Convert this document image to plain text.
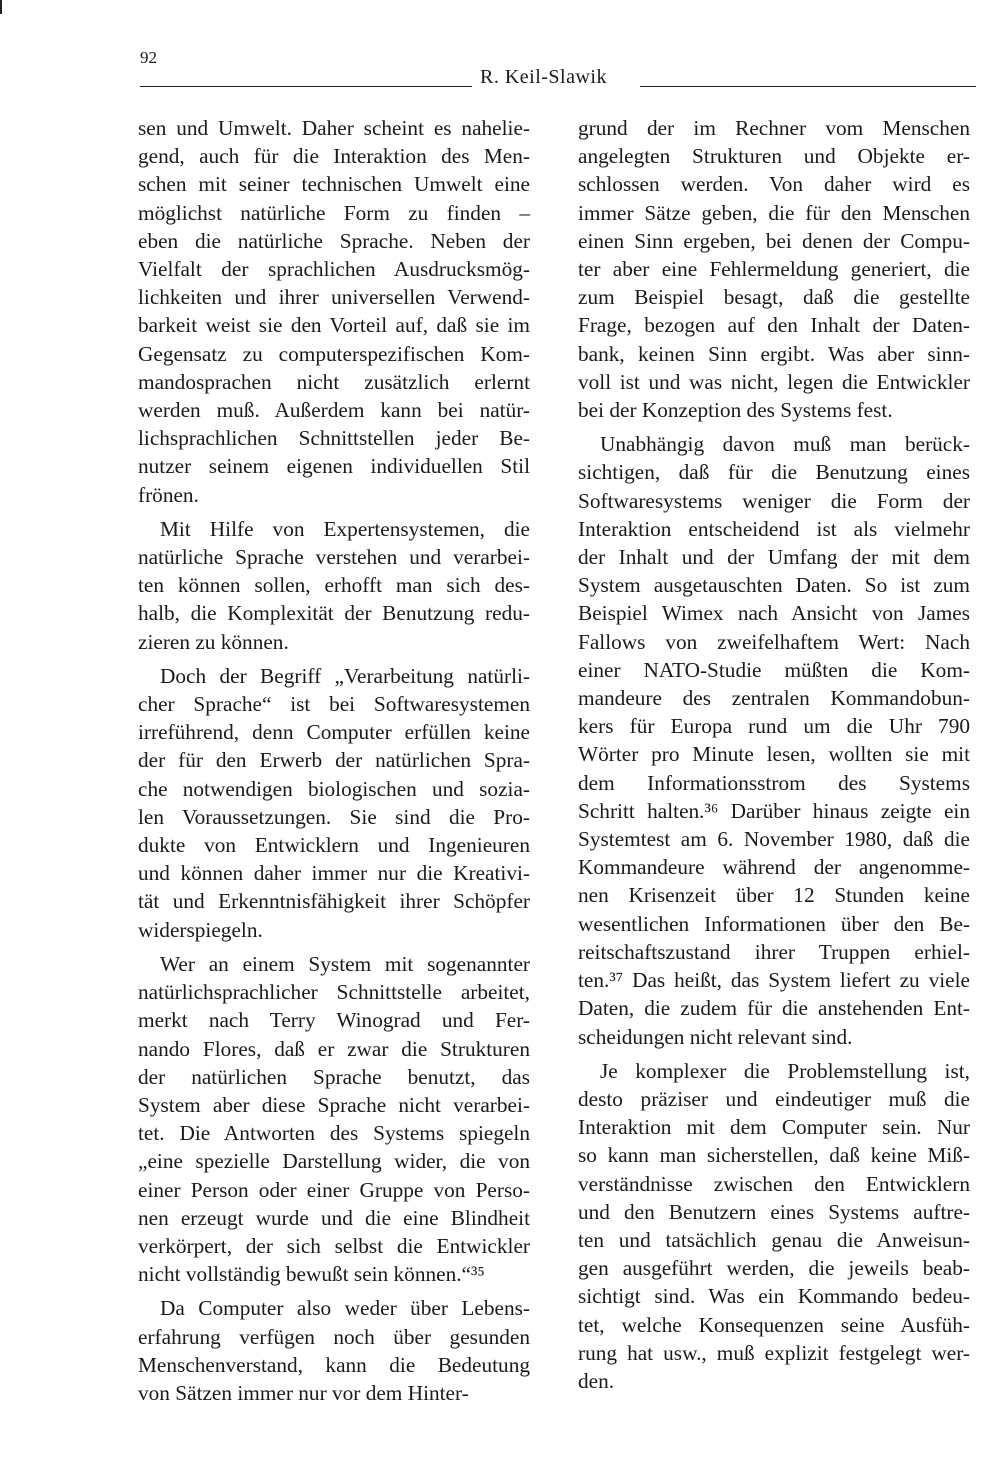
92
R. Keil-Slawik
sen und Umwelt. Daher scheint es nahelie-
gend, auch für die Interaktion des Men-
schen mit seiner technischen Umwelt eine
möglichst natürliche Form zu finden –
eben die natürliche Sprache. Neben der
Vielfalt der sprachlichen Ausdrucksmög-
lichkeiten und ihrer universellen Verwend-
barkeit weist sie den Vorteil auf, daß sie im
Gegensatz zu computerspezifischen Kom-
mandosprachen nicht zusätzlich erlernt
werden muß. Außerdem kann bei natür-
lichsprachlichen Schnittstellen jeder Be-
nutzer seinem eigenen individuellen Stil
frönen.
Mit Hilfe von Expertensystemen, die
natürliche Sprache verstehen und verarbei-
ten können sollen, erhofft man sich des-
halb, die Komplexität der Benutzung redu-
zieren zu können.
Doch der Begriff „Verarbeitung natürli-
cher Sprache“ ist bei Softwaresystemen
irreführend, denn Computer erfüllen keine
der für den Erwerb der natürlichen Spra-
che notwendigen biologischen und sozia-
len Voraussetzungen. Sie sind die Pro-
dukte von Entwicklern und Ingenieuren
und können daher immer nur die Kreativi-
tät und Erkenntnisfähigkeit ihrer Schöpfer
widerspiegeln.
Wer an einem System mit sogenannter
natürlichsprachlicher Schnittstelle arbeitet,
merkt nach Terry Winograd und Fer-
nando Flores, daß er zwar die Strukturen
der natürlichen Sprache benutzt, das
System aber diese Sprache nicht verarbei-
tet. Die Antworten des Systems spiegeln
„eine spezielle Darstellung wider, die von
einer Person oder einer Gruppe von Perso-
nen erzeugt wurde und die eine Blindheit
verkörpert, der sich selbst die Entwickler
nicht vollständig bewußt sein können.“³⁵
Da Computer also weder über Lebens-
erfahrung verfügen noch über gesunden
Menschenverstand, kann die Bedeutung
von Sätzen immer nur vor dem Hinter-
grund der im Rechner vom Menschen
angelegten Strukturen und Objekte er-
schlossen werden. Von daher wird es
immer Sätze geben, die für den Menschen
einen Sinn ergeben, bei denen der Compu-
ter aber eine Fehlermeldung generiert, die
zum Beispiel besagt, daß die gestellte
Frage, bezogen auf den Inhalt der Daten-
bank, keinen Sinn ergibt. Was aber sinn-
voll ist und was nicht, legen die Entwickler
bei der Konzeption des Systems fest.
Unabhängig davon muß man berück-
sichtigen, daß für die Benutzung eines
Softwaresystems weniger die Form der
Interaktion entscheidend ist als vielmehr
der Inhalt und der Umfang der mit dem
System ausgetauschten Daten. So ist zum
Beispiel Wimex nach Ansicht von James
Fallows von zweifelhaftem Wert: Nach
einer NATO-Studie müßten die Kom-
mandeure des zentralen Kommandobun-
kers für Europa rund um die Uhr 790
Wörter pro Minute lesen, wollten sie mit
dem Informationsstrom des Systems
Schritt halten.³⁶ Darüber hinaus zeigte ein
Systemtest am 6. November 1980, daß die
Kommandeure während der angenomme-
nen Krisenzeit über 12 Stunden keine
wesentlichen Informationen über den Be-
reitschaftszustand ihrer Truppen erhiel-
ten.³⁷ Das heißt, das System liefert zu viele
Daten, die zudem für die anstehenden Ent-
scheidungen nicht relevant sind.
Je komplexer die Problemstellung ist,
desto präziser und eindeutiger muß die
Interaktion mit dem Computer sein. Nur
so kann man sicherstellen, daß keine Miß-
verständnisse zwischen den Entwicklern
und den Benutzern eines Systems auftre-
ten und tatsächlich genau die Anweisun-
gen ausgeführt werden, die jeweils beab-
sichtigt sind. Was ein Kommando bedeu-
tet, welche Konsequenzen seine Ausfüh-
rung hat usw., muß explizit festgelegt wer-
den.
